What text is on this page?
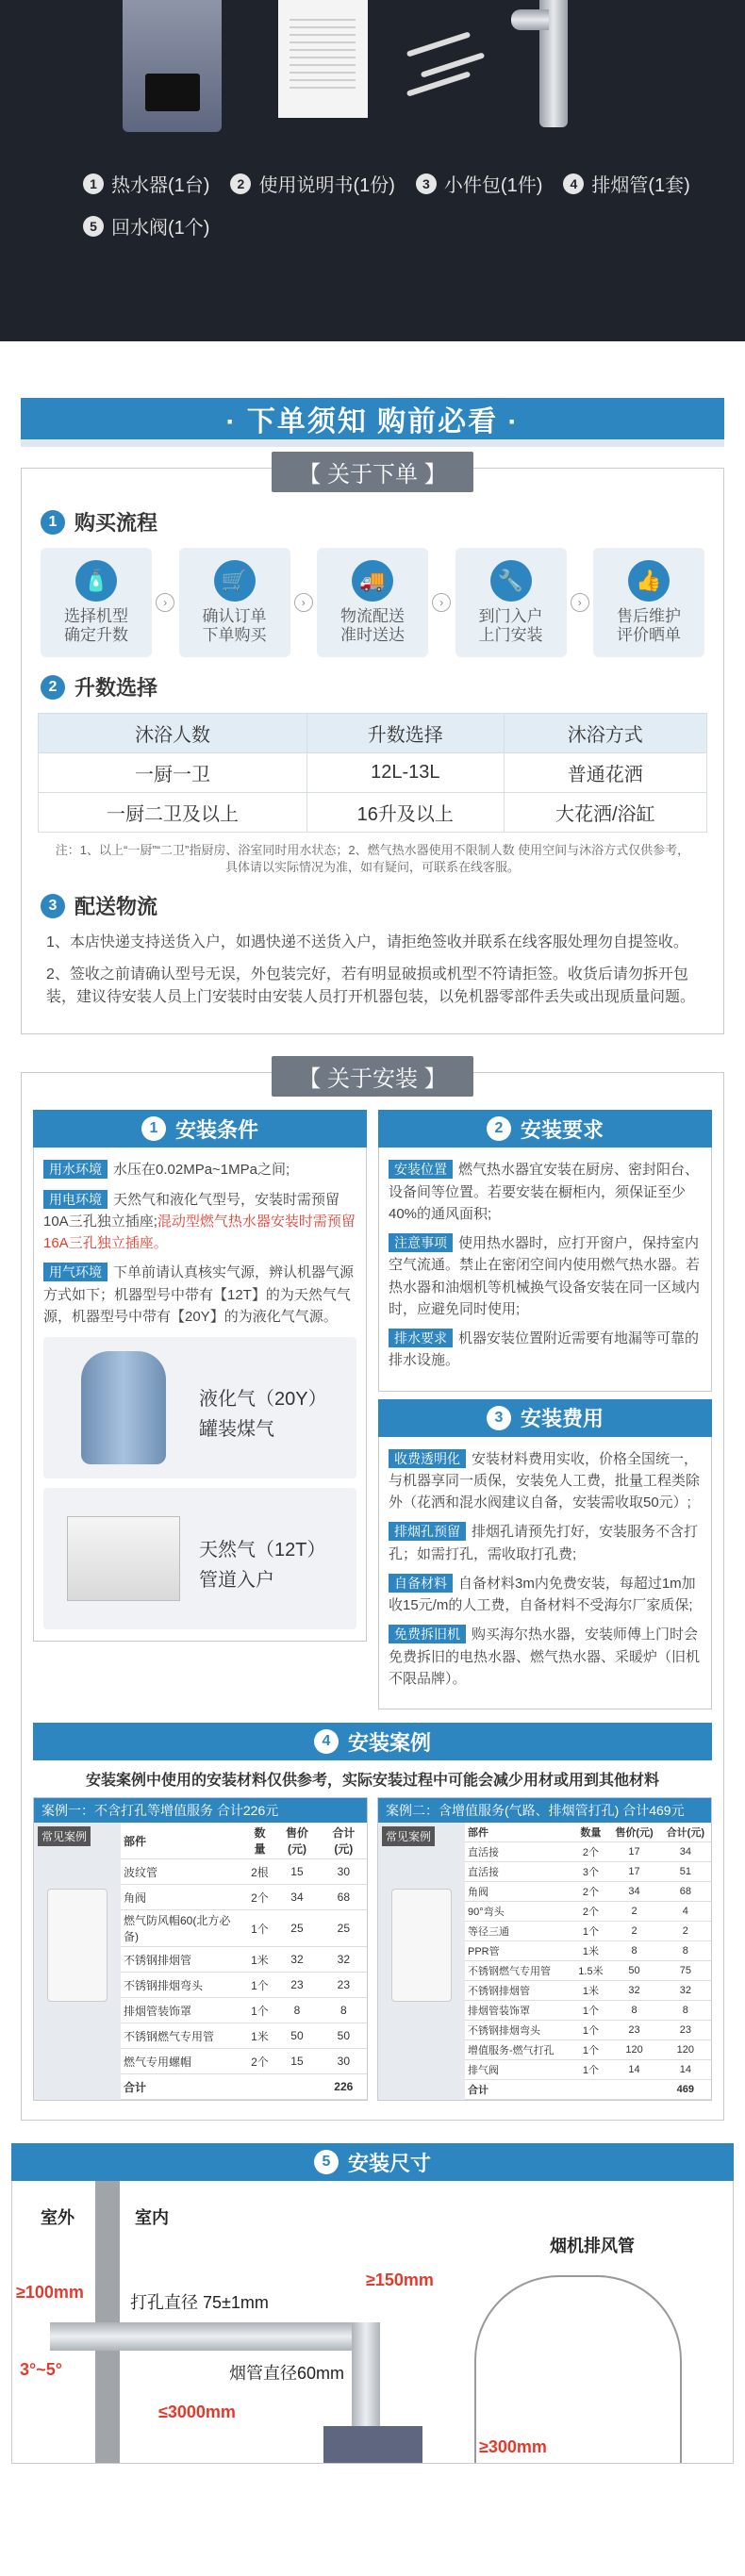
1 热水器(1台)	2 使用说明书(1份)	3 小件包(1件)	4 排烟管(1套)
5 回水阀(1个)
· 下单须知 购前必看 ·
【 关于下单 】
1 购买流程
🧴
选择机型
确定升数
›
🛒
确认订单
下单购买
›
🚚
物流配送
准时送达
›
🔧
到门入户
上门安装
›
👍
售后维护
评价晒单
2 升数选择
沐浴人数	升数选择	沐浴方式
一厨一卫	12L-13L	普通花洒
一厨二卫及以上	16升及以上	大花洒/浴缸
注：1、以上“一厨”“二卫”指厨房、浴室同时用水状态；2、燃气热水器使用不限制人数 使用空间与沐浴方式仅供参考，具体请以实际情况为准，如有疑问，可联系在线客服。
3 配送物流
1、本店快递支持送货入户，如遇快递不送货入户，请拒绝签收并联系在线客服处理勿自提签收。
2、签收之前请确认型号无误，外包装完好，若有明显破损或机型不符请拒签。收货后请勿拆开包装，建议待安装人员上门安装时由安装人员打开机器包装，以免机器零部件丢失或出现质量问题。
【 关于安装 】
1 安装条件
用水环境 水压在0.02MPa~1MPa之间;
用电环境 天然气和液化气型号，安装时需预留10A三孔独立插座;混动型燃气热水器安装时需预留16A三孔独立插座。
用气环境 下单前请认真核实气源，辨认机器气源方式如下；机器型号中带有【12T】的为天然气气源，机器型号中带有【20Y】的为液化气气源。
液化气（20Y）
罐装煤气
天然气（12T）
管道入户
2 安装要求
安装位置 燃气热水器宜安装在厨房、密封阳台、设备间等位置。若要安装在橱柜内，须保证至少40%的通风面积;
注意事项 使用热水器时，应打开窗户，保持室内空气流通。禁止在密闭空间内使用燃气热水器。若热水器和油烟机等机械换气设备安装在同一区域内时，应避免同时使用;
排水要求 机器安装位置附近需要有地漏等可靠的排水设施。
3 安装费用
收费透明化 安装材料费用实收，价格全国统一，与机器享同一质保，安装免人工费，批量工程类除外（花洒和混水阀建议自备，安装需收取50元）;
排烟孔预留 排烟孔请预先打好，安装服务不含打孔；如需打孔，需收取打孔费;
自备材料 自备材料3m内免费安装，每超过1m加收15元/m的人工费，自备材料不受海尔厂家质保;
免费拆旧机 购买海尔热水器，安装师傅上门时会免费拆旧的电热水器、燃气热水器、采暖炉（旧机不限品牌）。
4 安装案例
安装案例中使用的安装材料仅供参考，实际安装过程中可能会减少用材或用到其他材料
案例一：不含打孔等增值服务 合计226元
常见案例	部件	数量	售价(元)	合计(元)
波纹管	2根	15	30
角阀	2个	34	68
燃气防风帽60(北方必备)	1个	25	25
不锈钢排烟管	1米	32	32
不锈钢排烟弯头	1个	23	23
排烟管装饰罩	1个	8	8
不锈钢燃气专用管	1米	50	50
燃气专用螺帽	2个	15	30
合计			226
案例二：含增值服务(气路、排烟管打孔) 合计469元
常见案例	部件	数量	售价(元)	合计(元)
直活接	2个	17	34
直活接	3个	17	51
角阀	2个	34	68
90°弯头	2个	2	4
等径三通	1个	2	2
PPR管	1米	8	8
不锈钢燃气专用管	1.5米	50	75
不锈钢排烟管	1米	32	32
排烟管装饰罩	1个	8	8
不锈钢排烟弯头	1个	23	23
增值服务-燃气打孔	1个	120	120
排气阀	1个	14	14
合计			469
5 安装尺寸
室外	室内
烟机排风管
≥100mm
打孔直径 75±1mm
≥150mm
3°~5°	烟管直径60mm
≤3000mm
≥300mm
